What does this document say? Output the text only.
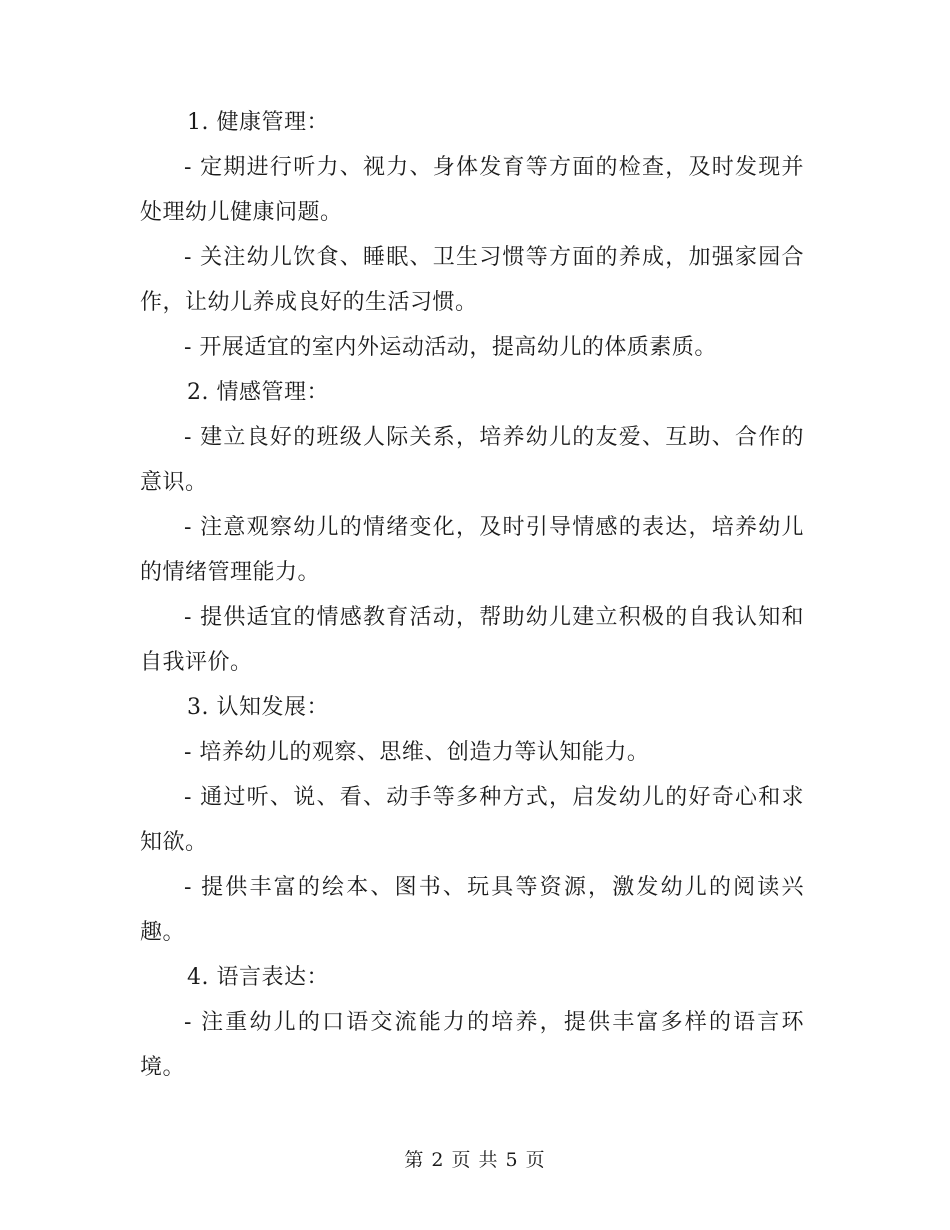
1. 健康管理：

- 定期进行听力、视力、身体发育等方面的检查，及时发现并处理幼儿健康问题。

- 关注幼儿饮食、睡眠、卫生习惯等方面的养成，加强家园合作，让幼儿养成良好的生活习惯。

- 开展适宜的室内外运动活动，提高幼儿的体质素质。

2. 情感管理：

- 建立良好的班级人际关系，培养幼儿的友爱、互助、合作的意识。

- 注意观察幼儿的情绪变化，及时引导情感的表达，培养幼儿的情绪管理能力。

- 提供适宜的情感教育活动，帮助幼儿建立积极的自我认知和自我评价。

3. 认知发展：

- 培养幼儿的观察、思维、创造力等认知能力。

- 通过听、说、看、动手等多种方式，启发幼儿的好奇心和求知欲。

- 提供丰富的绘本、图书、玩具等资源，激发幼儿的阅读兴趣。

4. 语言表达：

- 注重幼儿的口语交流能力的培养，提供丰富多样的语言环境。

第 2 页 共 5 页
